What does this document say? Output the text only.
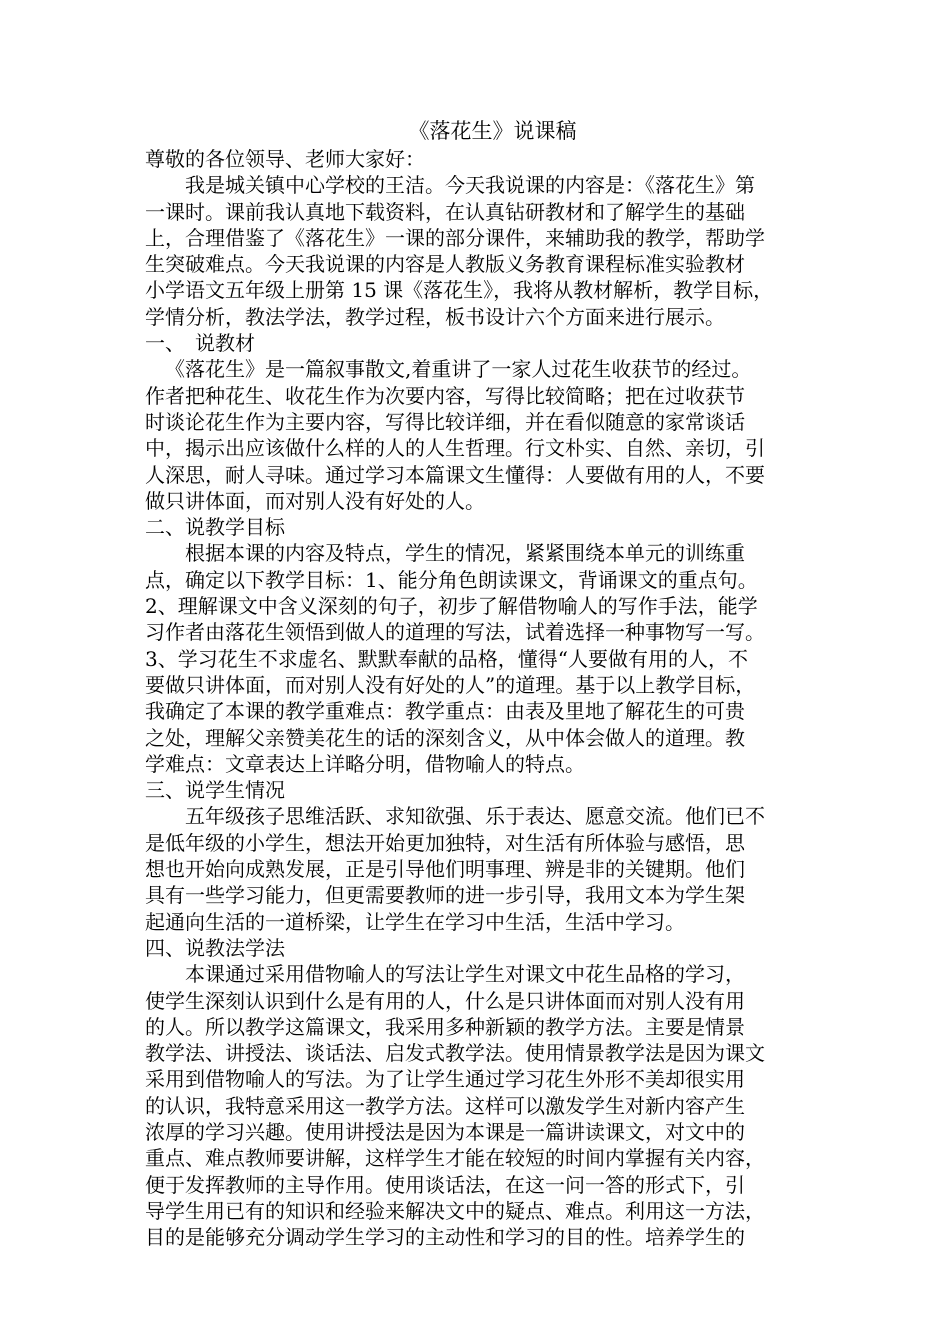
《落花生》说课稿

尊敬的各位领导、老师大家好：

我是城关镇中心学校的王洁。今天我说课的内容是：《落花生》第

一课时。课前我认真地下载资料，在认真钻研教材和了解学生的基础

上，合理借鉴了《落花生》一课的部分课件，来辅助我的教学，帮助学

生突破难点。今天我说课的内容是人教版义务教育课程标准实验教材

小学语文五年级上册第 15 课《落花生》，我将从教材解析，教学目标，

学情分析，教法学法，教学过程，板书设计六个方面来进行展示。

一、　说教材

《落花生》是一篇叙事散文,着重讲了一家人过花生收获节的经过。

作者把种花生、收花生作为次要内容，写得比较简略；把在过收获节

时谈论花生作为主要内容，写得比较详细，并在看似随意的家常谈话

中，揭示出应该做什么样的人的人生哲理。行文朴实、自然、亲切，引

人深思，耐人寻味。通过学习本篇课文生懂得：人要做有用的人，不要

做只讲体面，而对别人没有好处的人。

二、说教学目标

根据本课的内容及特点，学生的情况，紧紧围绕本单元的训练重

点，确定以下教学目标：1、能分角色朗读课文，背诵课文的重点句。

2、理解课文中含义深刻的句子，初步了解借物喻人的写作手法，能学

习作者由落花生领悟到做人的道理的写法，试着选择一种事物写一写。

3、学习花生不求虚名、默默奉献的品格，懂得“人要做有用的人，不

要做只讲体面，而对别人没有好处的人”的道理。基于以上教学目标，

我确定了本课的教学重难点：教学重点：由表及里地了解花生的可贵

之处，理解父亲赞美花生的话的深刻含义，从中体会做人的道理。教

学难点：文章表达上详略分明，借物喻人的特点。

三、说学生情况

五年级孩子思维活跃、求知欲强、乐于表达、愿意交流。他们已不

是低年级的小学生，想法开始更加独特，对生活有所体验与感悟，思

想也开始向成熟发展，正是引导他们明事理、辨是非的关键期。他们

具有一些学习能力，但更需要教师的进一步引导，我用文本为学生架

起通向生活的一道桥梁，让学生在学习中生活，生活中学习。

四、说教法学法

本课通过采用借物喻人的写法让学生对课文中花生品格的学习，

使学生深刻认识到什么是有用的人，什么是只讲体面而对别人没有用

的人。所以教学这篇课文，我采用多种新颖的教学方法。主要是情景

教学法、讲授法、谈话法、启发式教学法。使用情景教学法是因为课文

采用到借物喻人的写法。为了让学生通过学习花生外形不美却很实用

的认识，我特意采用这一教学方法。这样可以激发学生对新内容产生

浓厚的学习兴趣。使用讲授法是因为本课是一篇讲读课文，对文中的

重点、难点教师要讲解，这样学生才能在较短的时间内掌握有关内容，

便于发挥教师的主导作用。使用谈话法，在这一问一答的形式下，引

导学生用已有的知识和经验来解决文中的疑点、难点。利用这一方法，

目的是能够充分调动学生学习的主动性和学习的目的性。培养学生的
